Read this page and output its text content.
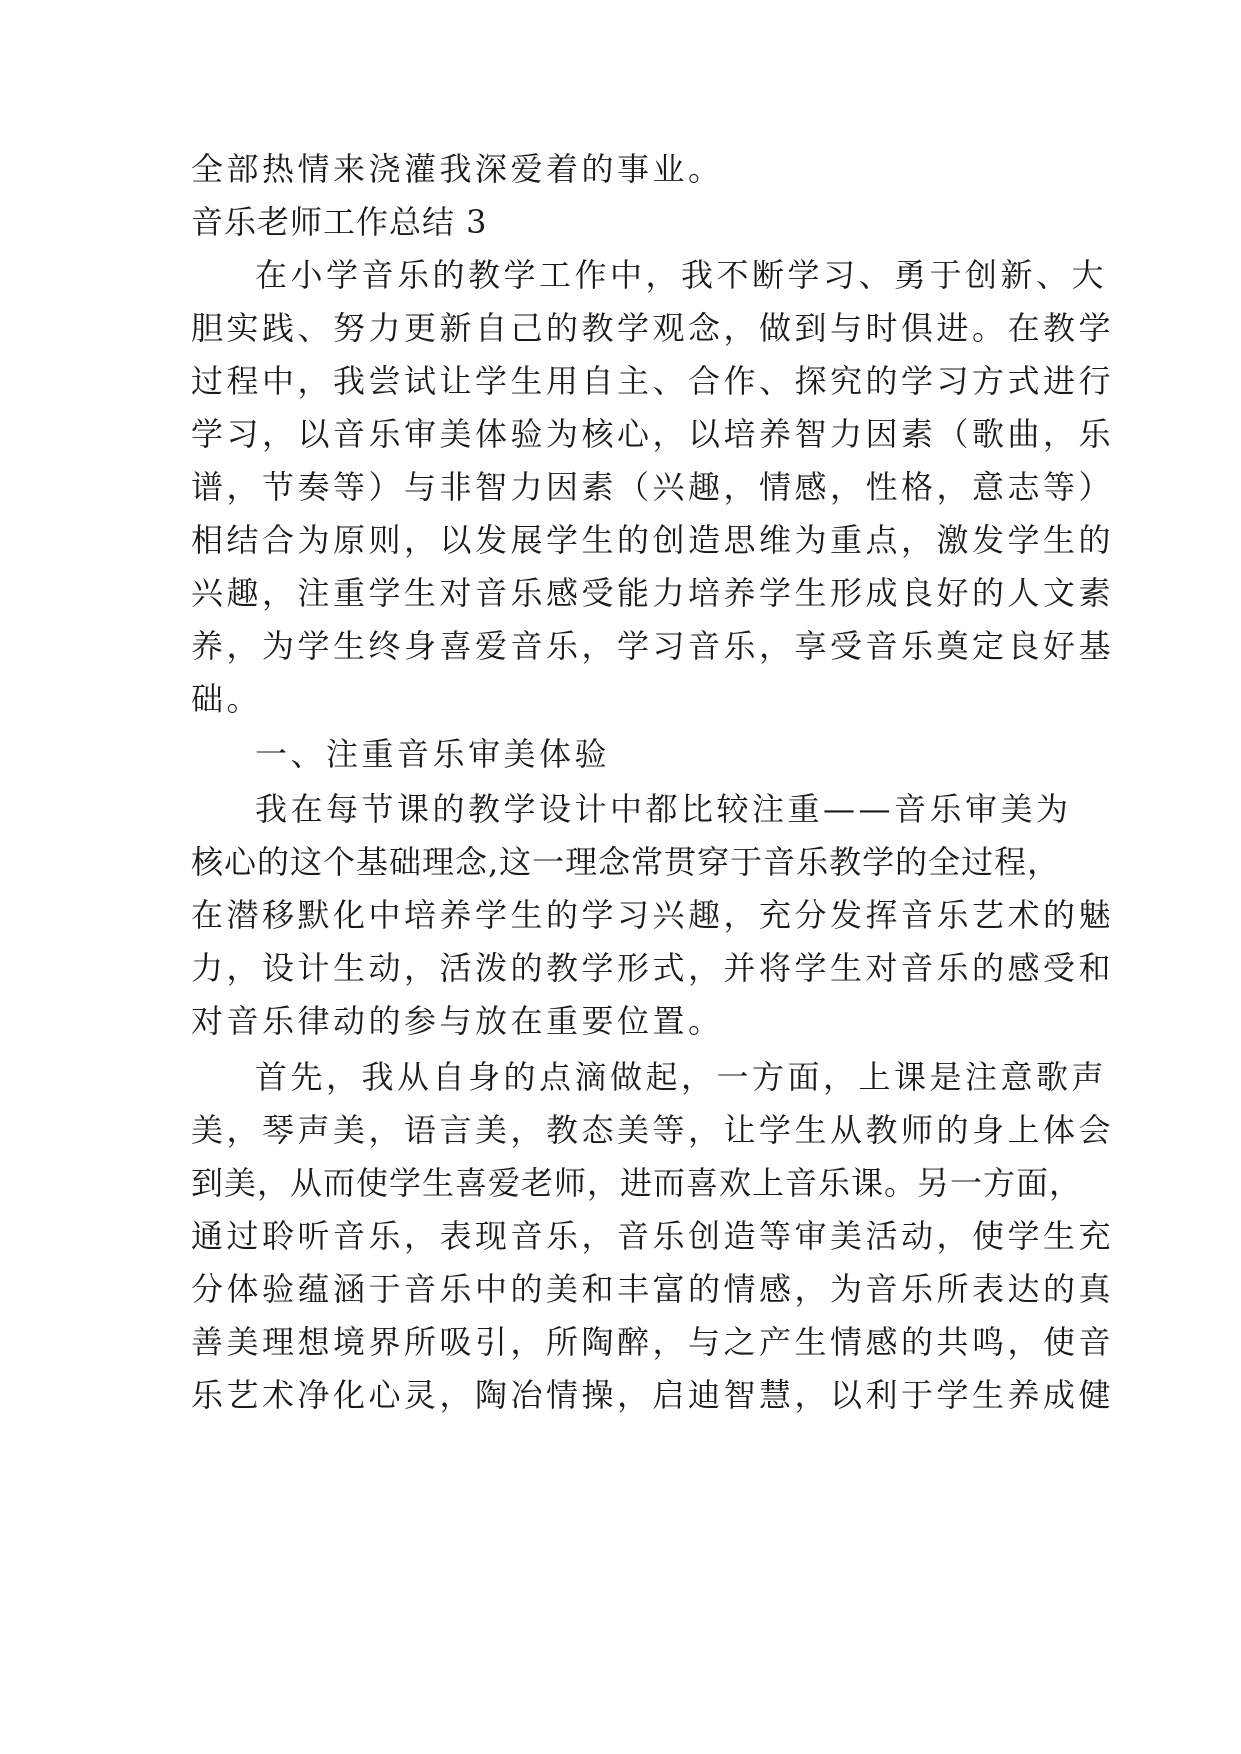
全部热情来浇灌我深爱着的事业。
音乐老师工作总结 3
在小学音乐的教学工作中，我不断学习、勇于创新、大
胆实践、努力更新自己的教学观念，做到与时俱进。在教学
过程中，我尝试让学生用自主、合作、探究的学习方式进行
学习，以音乐审美体验为核心，以培养智力因素（歌曲，乐
谱，节奏等）与非智力因素（兴趣，情感，性格，意志等）
相结合为原则，以发展学生的创造思维为重点，激发学生的
兴趣，注重学生对音乐感受能力培养学生形成良好的人文素
养，为学生终身喜爱音乐，学习音乐，享受音乐奠定良好基
础。
一、注重音乐审美体验
我在每节课的教学设计中都比较注重——音乐审美为
核心的这个基础理念,这一理念常贯穿于音乐教学的全过程，
在潜移默化中培养学生的学习兴趣，充分发挥音乐艺术的魅
力，设计生动，活泼的教学形式，并将学生对音乐的感受和
对音乐律动的参与放在重要位置。
首先，我从自身的点滴做起，一方面，上课是注意歌声
美，琴声美，语言美，教态美等，让学生从教师的身上体会
到美，从而使学生喜爱老师，进而喜欢上音乐课。另一方面，
通过聆听音乐，表现音乐，音乐创造等审美活动，使学生充
分体验蕴涵于音乐中的美和丰富的情感，为音乐所表达的真
善美理想境界所吸引，所陶醉，与之产生情感的共鸣，使音
乐艺术净化心灵，陶冶情操，启迪智慧，以利于学生养成健
